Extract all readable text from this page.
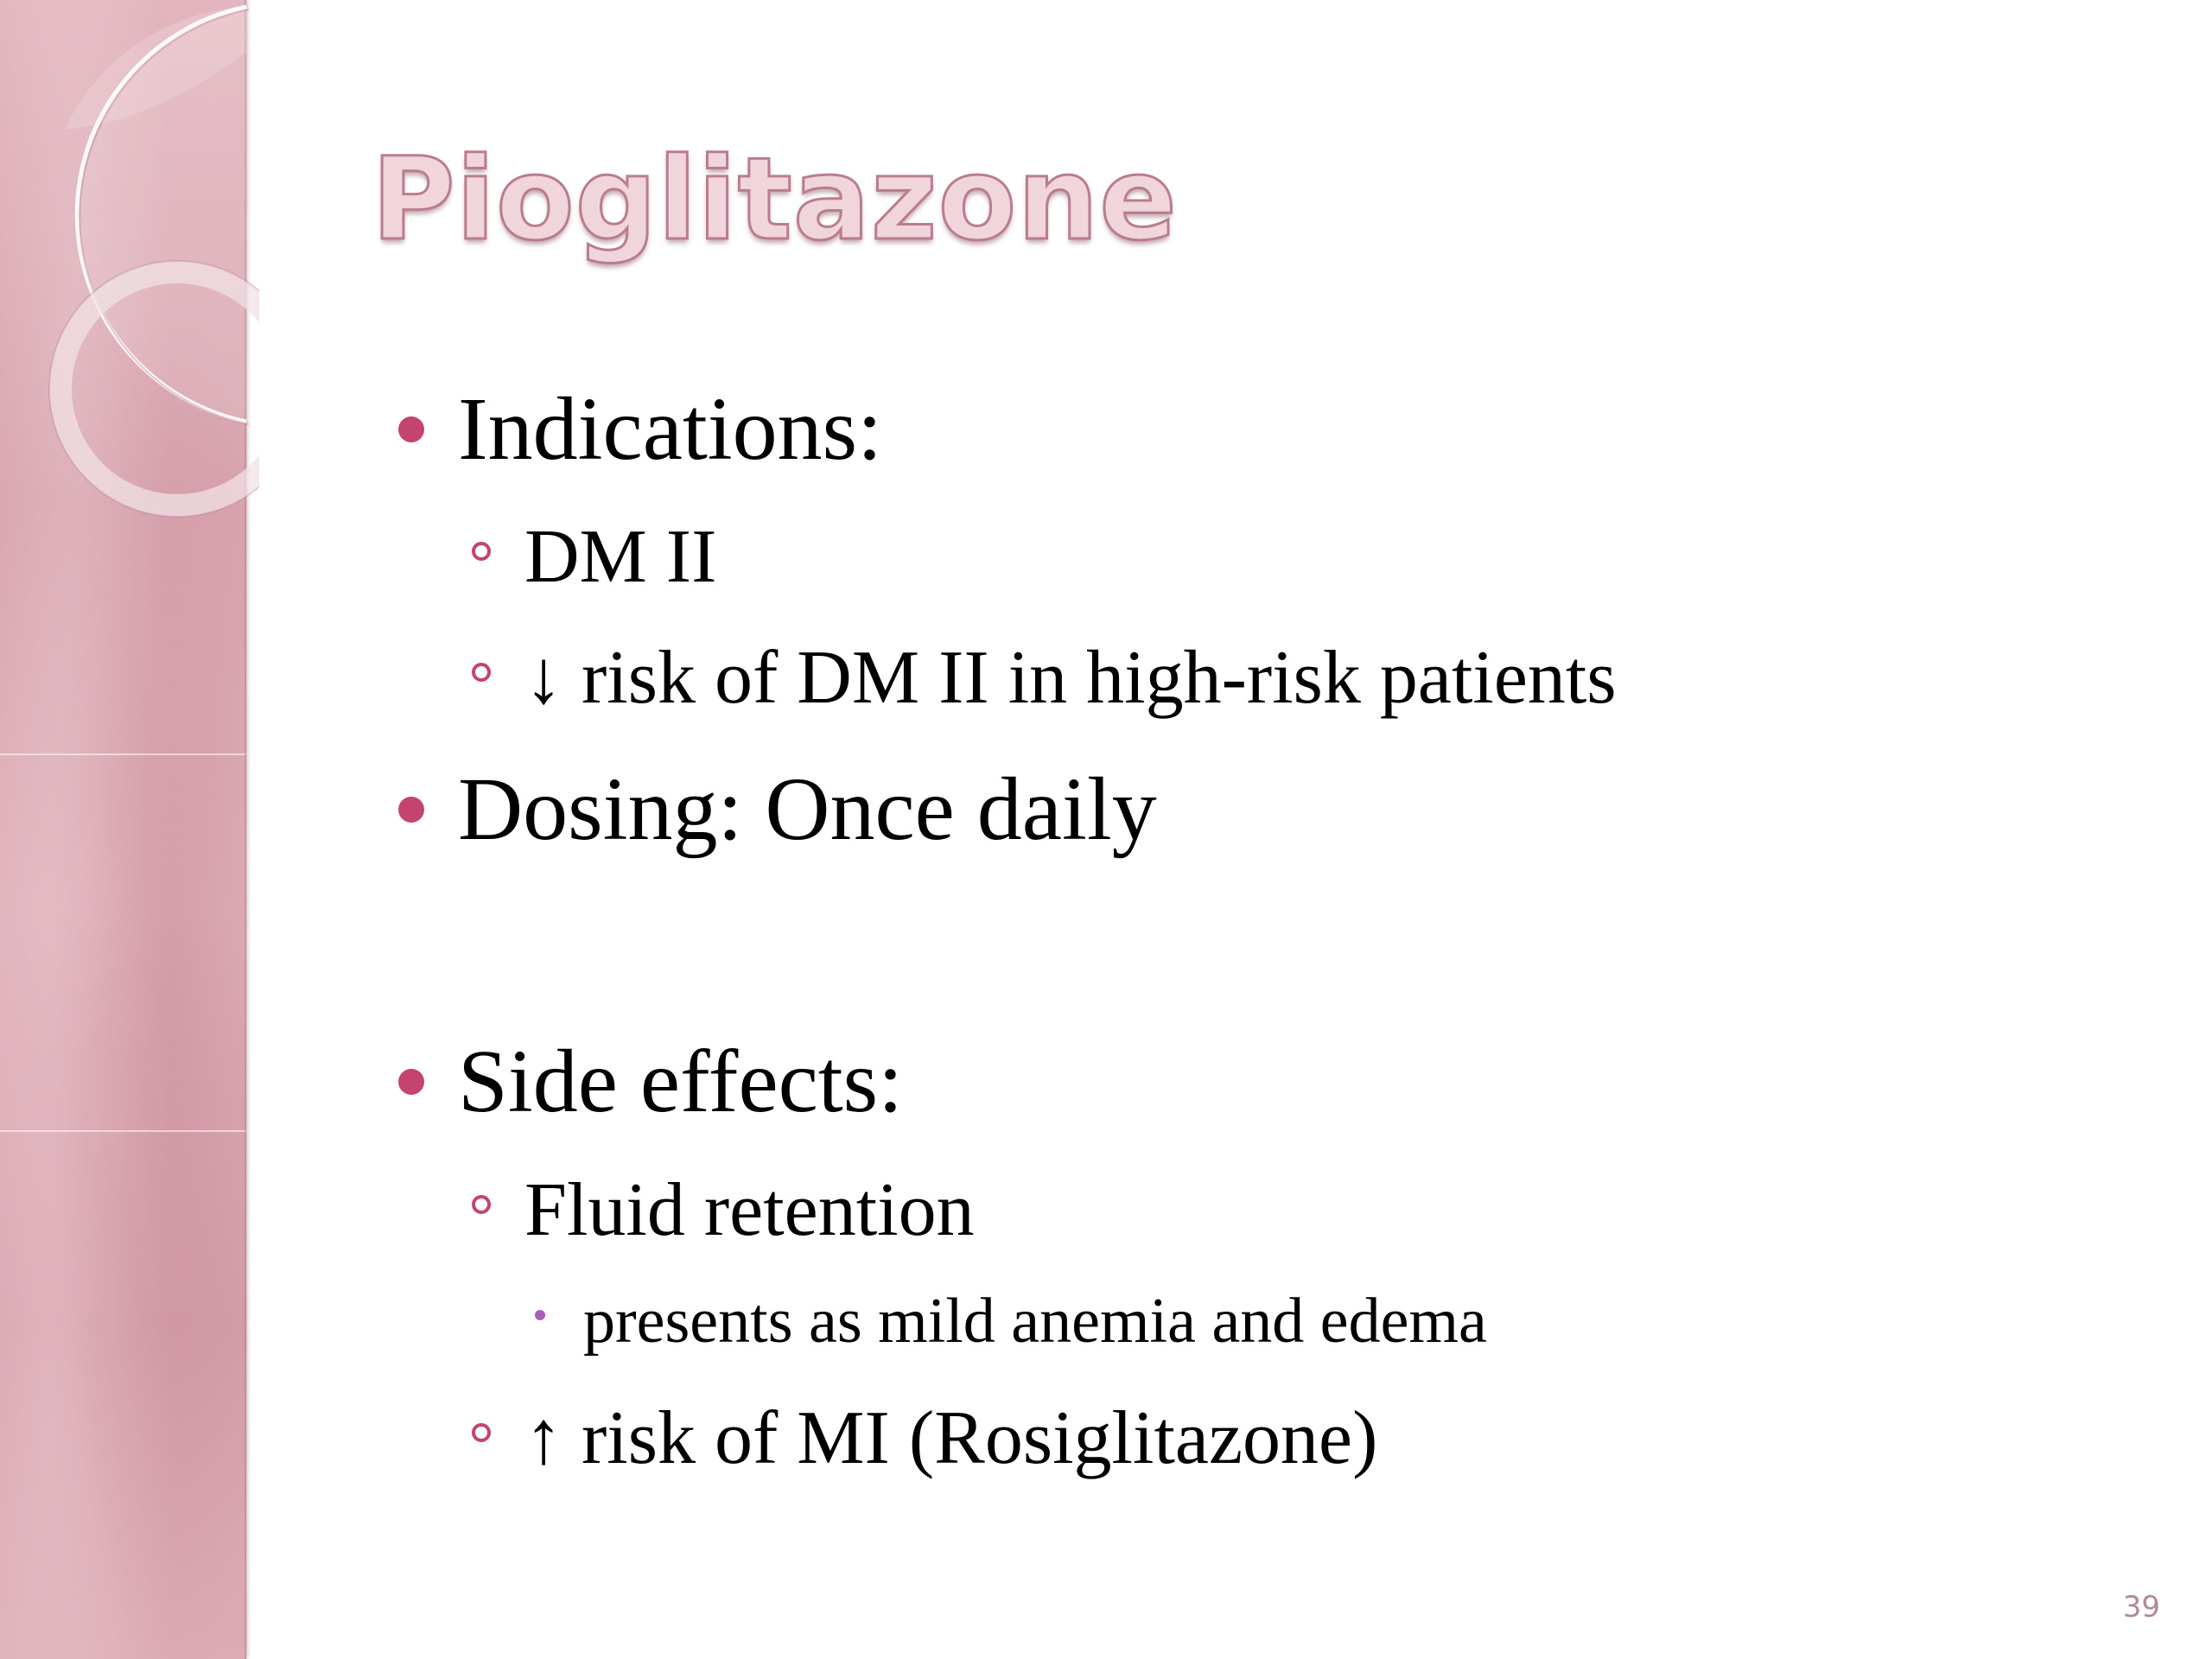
Pioglitazone
Indications:
DM II
↓ risk of DM II in high-risk patients
Dosing: Once daily
Side effects:
Fluid retention
presents as mild anemia and edema
↑ risk of MI (Rosiglitazone)
39
